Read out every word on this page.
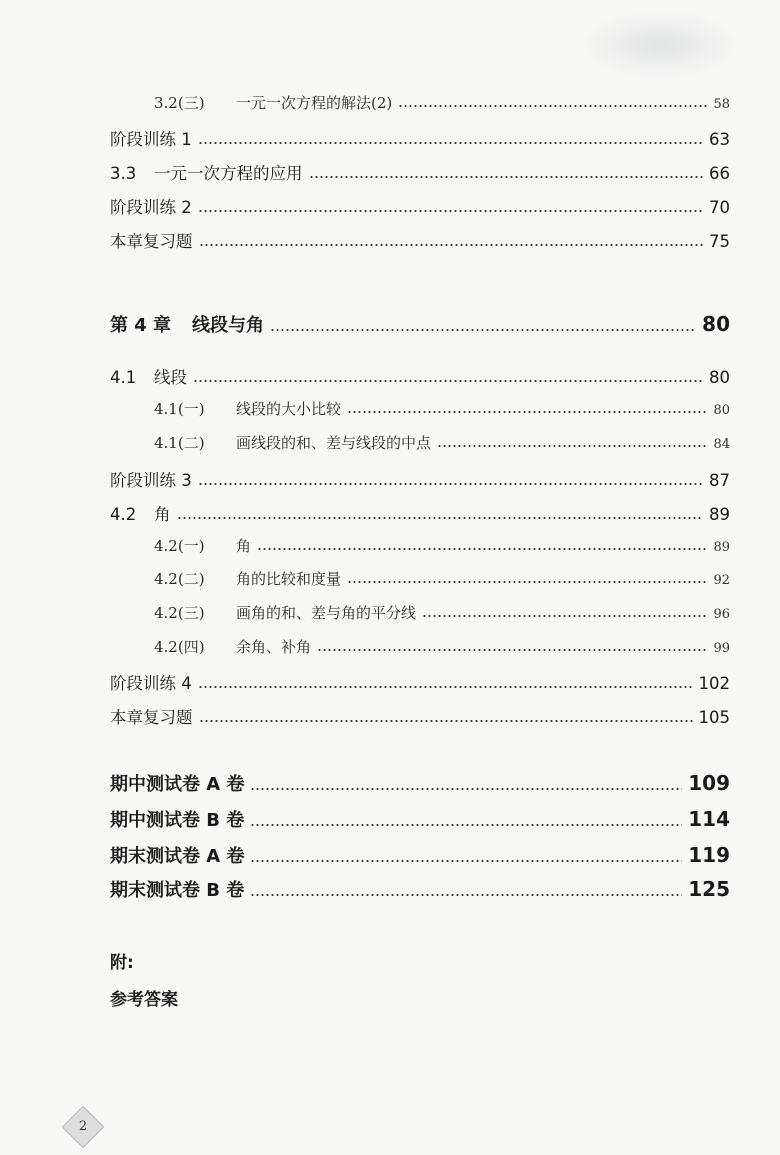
3.2(三)	一元一次方程的解法(2)	58
阶段训练 1	63
3.3	一元一次方程的应用	66
阶段训练 2	70
本章复习题	75
第 4 章	线段与角	80
4.1	线段	80
4.1(一)	线段的大小比较	80
4.1(二)	画线段的和、差与线段的中点	84
阶段训练 3	87
4.2	角	89
4.2(一)	角	89
4.2(二)	角的比较和度量	92
4.2(三)	画角的和、差与角的平分线	96
4.2(四)	余角、补角	99
阶段训练 4	102
本章复习题	105
期中测试卷 A 卷	109
期中测试卷 B 卷	114
期末测试卷 A 卷	119
期末测试卷 B 卷	125
附:
参考答案
2
